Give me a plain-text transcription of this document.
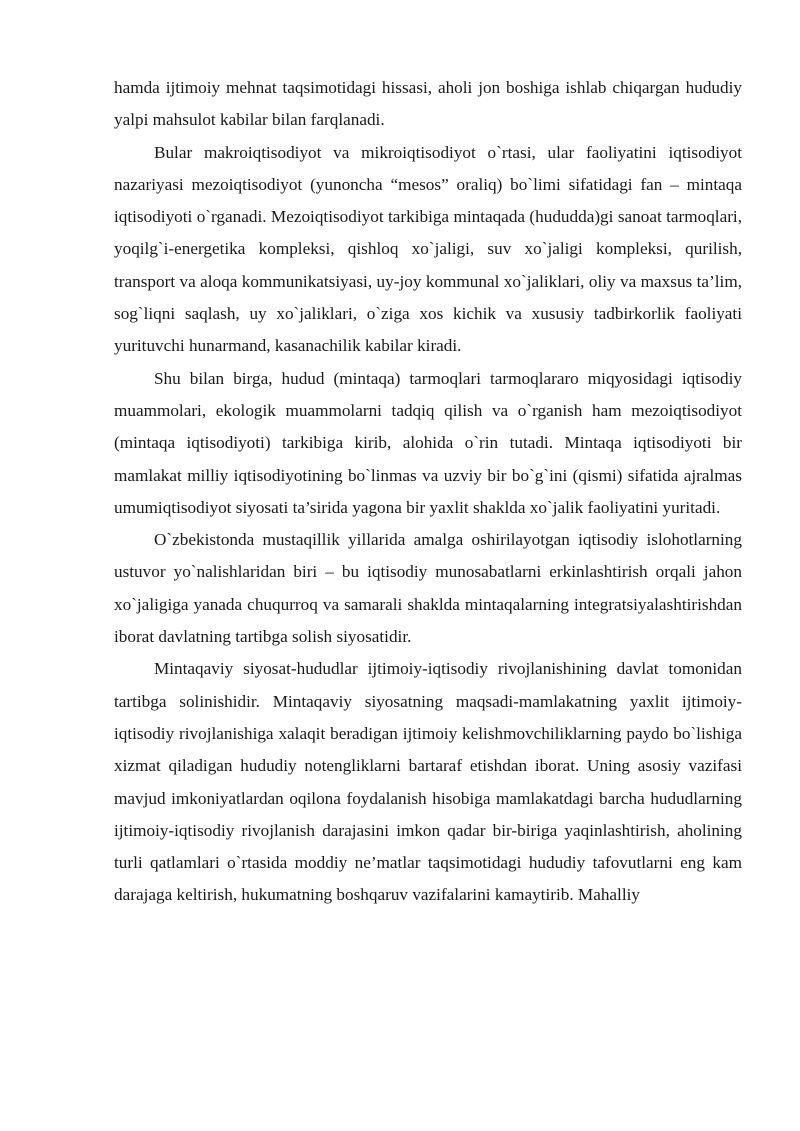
hamda ijtimoiy mehnat taqsimotidagi hissasi, aholi jon boshiga ishlab chiqargan hududiy yalpi mahsulot kabilar bilan farqlanadi.

Bular makroiqtisodiyot va mikroiqtisodiyot o`rtasi, ular faoliyatini iqtisodiyot nazariyasi mezoiqtisodiyot (yunoncha “mesos” oraliq) bo`limi sifatidagi fan – mintaqa iqtisodiyoti o`rganadi. Mezoiqtisodiyot tarkibiga mintaqada (hududda)gi sanoat tarmoqlari, yoqilg`i-energetika kompleksi, qishloq xo`jaligi, suv xo`jaligi kompleksi, qurilish, transport va aloqa kommunikatsiyasi, uy-joy kommunal xo`jaliklari, oliy va maxsus ta’lim, sog`liqni saqlash, uy xo`jaliklari, o`ziga xos kichik va xususiy tadbirkorlik faoliyati yurituvchi hunarmand, kasanachilik kabilar kiradi.

Shu bilan birga, hudud (mintaqa) tarmoqlari tarmoqlararo miqyosidagi iqtisodiy muammolari, ekologik muammolarni tadqiq qilish va o`rganish ham mezoiqtisodiyot (mintaqa iqtisodiyoti) tarkibiga kirib, alohida o`rin tutadi. Mintaqa iqtisodiyoti bir mamlakat milliy iqtisodiyotining bo`linmas va uzviy bir bo`g`ini (qismi) sifatida ajralmas umumiqtisodiyot siyosati ta’sirida yagona bir yaxlit shaklda xo`jalik faoliyatini yuritadi.

O`zbekistonda mustaqillik yillarida amalga oshirilayotgan iqtisodiy islohotlarning ustuvor yo`nalishlaridan biri – bu iqtisodiy munosabatlarni erkinlashtirish orqali jahon xo`jaligiga yanada chuqurroq va samarali shaklda mintaqalarning integratsiyalashtirishdan iborat davlatning tartibga solish siyosatidir.

Mintaqaviy siyosat-hududlar ijtimoiy-iqtisodiy rivojlanishining davlat tomonidan tartibga solinishidir. Mintaqaviy siyosatning maqsadi-mamlakatning yaxlit ijtimoiy-iqtisodiy rivojlanishiga xalaqit beradigan ijtimoiy kelishmovchiliklarning paydo bo`lishiga xizmat qiladigan hududiy notengliklarni bartaraf etishdan iborat. Uning asosiy vazifasi mavjud imkoniyatlardan oqilona foydalanish hisobiga mamlakatdagi barcha hududlarning ijtimoiy-iqtisodiy rivojlanish darajasini imkon qadar bir-biriga yaqinlashtirish, aholining turli qatlamlari o`rtasida moddiy ne’matlar taqsimotidagi hududiy tafovutlarni eng kam darajaga keltirish, hukumatning boshqaruv vazifalarini kamaytirib. Mahalliy
